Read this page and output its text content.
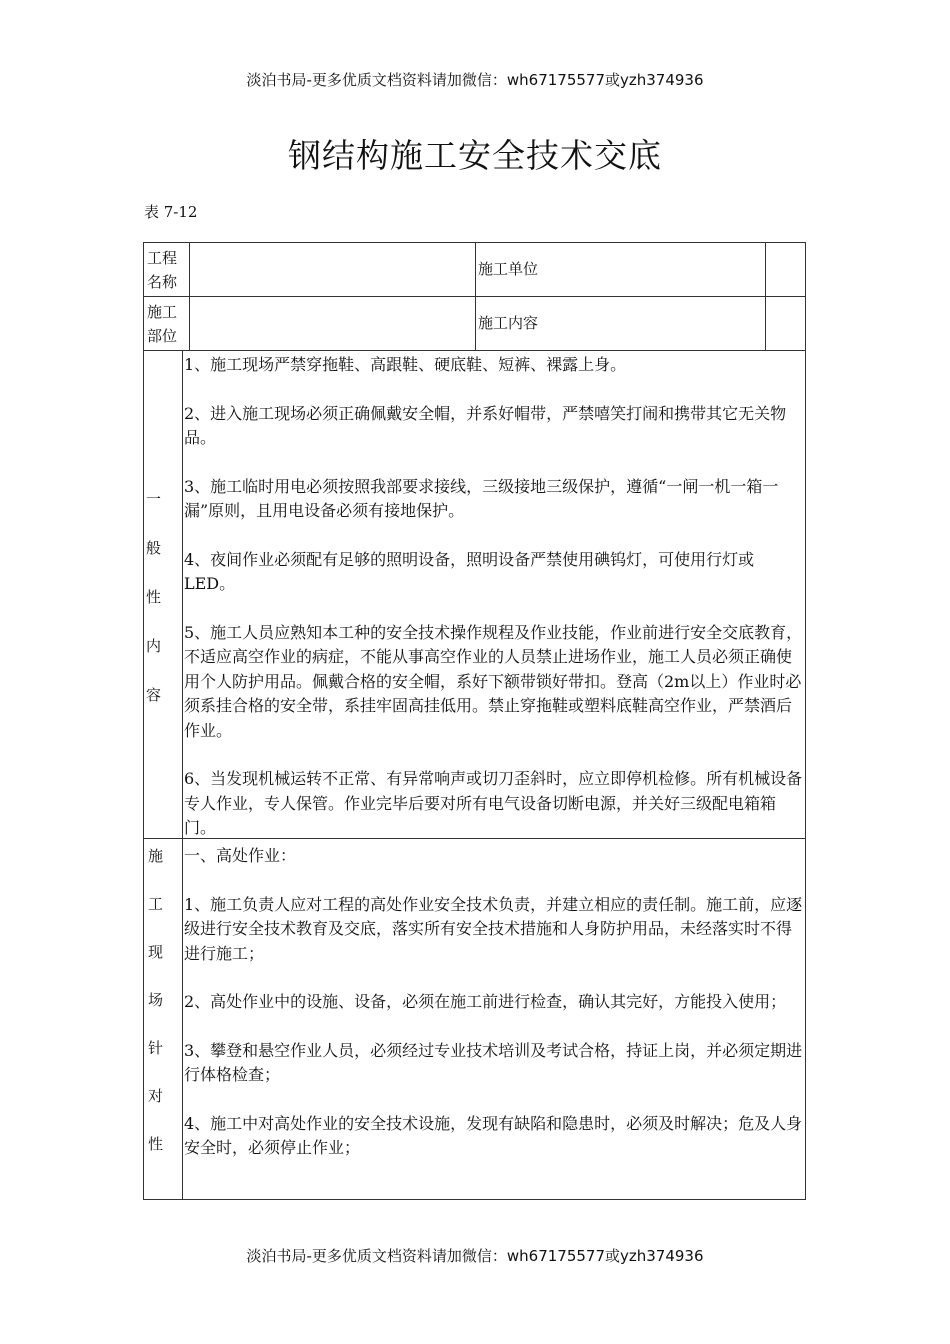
淡泊书局-更多优质文档资料请加微信：wh67175577或yzh374936
钢结构施工安全技术交底
表 7-12
工程名称
施工单位
施工部位
施工内容
一
般
性
内
容

1、施工现场严禁穿拖鞋、高跟鞋、硬底鞋、短裤、裸露上身。

2、进入施工现场必须正确佩戴安全帽，并系好帽带，严禁嘻笑打闹和携带其它无关物品。

3、施工临时用电必须按照我部要求接线，三级接地三级保护，遵循“一闸一机一箱一漏”原则，且用电设备必须有接地保护。

4、夜间作业必须配有足够的照明设备，照明设备严禁使用碘钨灯，可使用行灯或LED。

5、施工人员应熟知本工种的安全技术操作规程及作业技能，作业前进行安全交底教育，不适应高空作业的病症，不能从事高空作业的人员禁止进场作业，施工人员必须正确使用个人防护用品。佩戴合格的安全帽，系好下额带锁好带扣。登高（2m以上）作业时必须系挂合格的安全带，系挂牢固高挂低用。禁止穿拖鞋或塑料底鞋高空作业，严禁酒后作业。

6、当发现机械运转不正常、有异常响声或切刀歪斜时，应立即停机检修。所有机械设备专人作业，专人保管。作业完毕后要对所有电气设备切断电源，并关好三级配电箱箱门。

施
工
现
场
针
对
性

一、高处作业：

1、施工负责人应对工程的高处作业安全技术负责，并建立相应的责任制。施工前，应逐级进行安全技术教育及交底，落实所有安全技术措施和人身防护用品，未经落实时不得进行施工；

2、高处作业中的设施、设备，必须在施工前进行检查，确认其完好，方能投入使用；

3、攀登和悬空作业人员，必须经过专业技术培训及考试合格，持证上岗，并必须定期进行体格检查；

4、施工中对高处作业的安全技术设施，发现有缺陷和隐患时，必须及时解决；危及人身安全时，必须停止作业；

淡泊书局-更多优质文档资料请加微信：wh67175577或yzh374936
